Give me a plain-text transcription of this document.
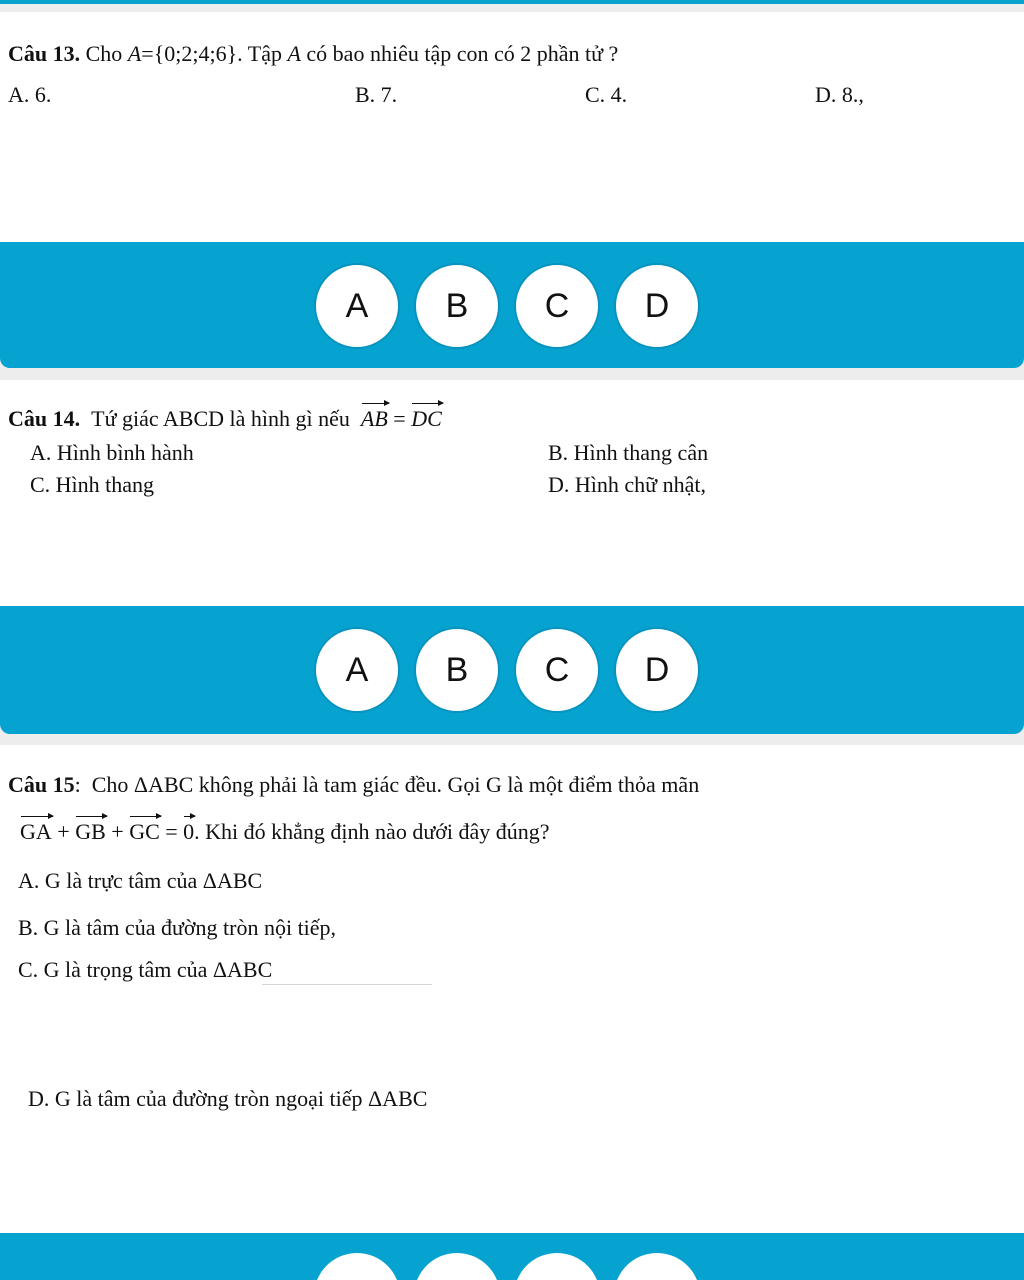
Câu 13. Cho A={0;2;4;6}. Tập A có bao nhiêu tập con có 2 phần tử ?
A. 6.	B. 7.	C. 4.	D. 8.,
A	B	C	D
Câu 14. Tứ giác ABCD là hình gì nếu AB = DC
A. Hình bình hành	B. Hình thang cân
C. Hình thang	D. Hình chữ nhật,
A	B	C	D
Câu 15: Cho ΔABC không phải là tam giác đều. Gọi G là một điểm thỏa mãn
GA + GB + GC = 0. Khi đó khẳng định nào dưới đây đúng?
A. G là trực tâm của ΔABC
B. G là tâm của đường tròn nội tiếp,
C. G là trọng tâm của ΔABC
D. G là tâm của đường tròn ngoại tiếp ΔABC
